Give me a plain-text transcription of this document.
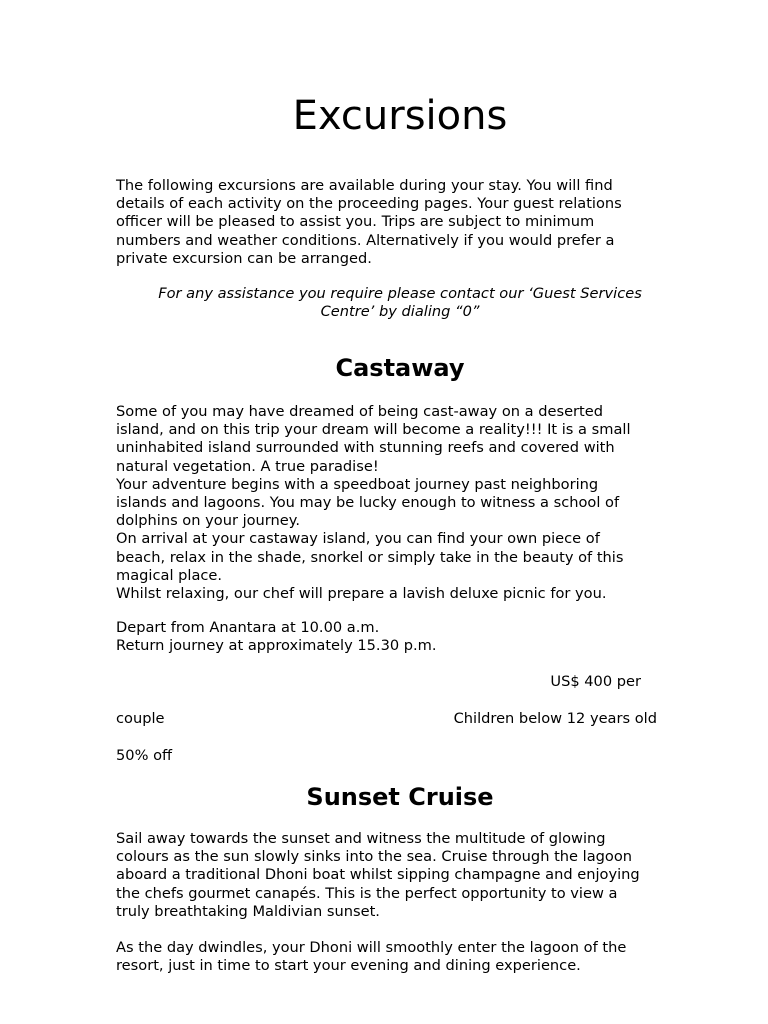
Excursions

The following excursions are available during your stay. You will find
details of each activity on the proceeding pages. Your guest relations
officer will be pleased to assist you. Trips are subject to minimum
numbers and weather conditions. Alternatively if you would prefer a
private excursion can be arranged.

For any assistance you require please contact our ‘Guest Services
Centre’ by dialing “0”

Castaway

Some of you may have dreamed of being cast-away on a deserted
island, and on this trip your dream will become a reality!!! It is a small
uninhabited island surrounded with stunning reefs and covered with
natural vegetation. A true paradise!
Your adventure begins with a speedboat journey past neighboring
islands and lagoons. You may be lucky enough to witness a school of
dolphins on your journey.
On arrival at your castaway island, you can find your own piece of
beach, relax in the shade, snorkel or simply take in the beauty of this
magical place.
Whilst relaxing, our chef will prepare a lavish deluxe picnic for you.

Depart from Anantara at 10.00 a.m.
Return journey at approximately 15.30 p.m.

US$ 400 per

couple	Children below 12 years old

50% off

Sunset Cruise

Sail away towards the sunset and witness the multitude of glowing
colours as the sun slowly sinks into the sea. Cruise through the lagoon
aboard a traditional Dhoni boat whilst sipping champagne and enjoying
the chefs gourmet canapés. This is the perfect opportunity to view a
truly breathtaking Maldivian sunset.

As the day dwindles, your Dhoni will smoothly enter the lagoon of the
resort, just in time to start your evening and dining experience.
